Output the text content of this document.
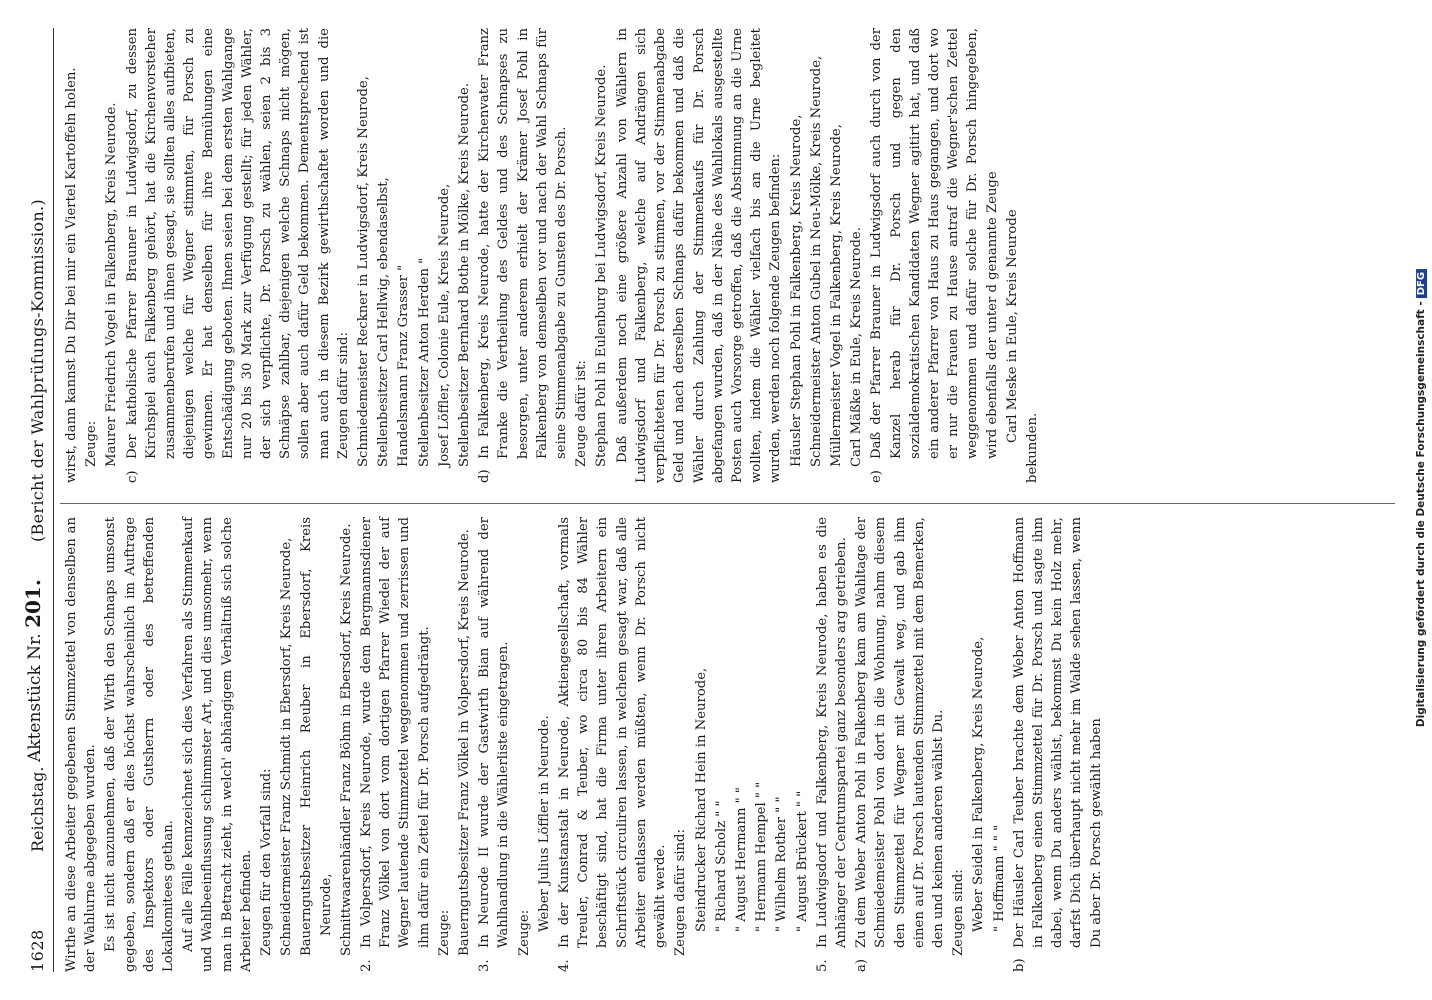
1628
Reichstag.
Aktenstück Nr. 201.
(Bericht der Wahlprüfungs-Kommission.)

Wirthe an diese Arbeiter gegebenen Stimmzettel von denselben an der Wahlurne abgegeben wurden. Es ist nicht anzunehmen, daß der Wirth den Schnaps umsonst gegeben, sondern daß er dies höchst wahrscheinlich im Auftrage des Inspektors oder Gutsherrn oder des betreffenden Lokalkomitees gethan. Auf alle Fälle kennzeichnet sich dies Verfahren als Stimmenkauf und Wahlbeeinflussung schlimmster Art, und dies umsomehr, wenn man in Betracht zieht, in welch' abhängigem Verhältniß sich solche Arbeiter befinden. Zeugen für den Vorfall sind: Schneidermeister Franz Schmidt in Ebersdorf, Kreis Neurode, Bauerngutsbesitzer Heinrich Reuber in Ebersdorf, Kreis Neurode, Schnittwaarenhändler Franz Böhm in Ebersdorf, Kreis Neurode.

2.

In Volpersdorf, Kreis Neurode, wurde dem Bergmannsdiener Franz Völkel von dort vom dortigen Pfarrer Wiedel der auf Wegner lautende Stimmzettel weggenommen und zerrissen und ihm dafür ein Zettel für Dr. Porsch aufgedrängt. Zeuge: Bauerngutsbesitzer Franz Völkel in Volpersdorf, Kreis Neurode.

3.

In Neurode II wurde der Gastwirth Bian auf während der Wahlhandlung in die Wählerliste eingetragen. Zeuge:

Weber Julius Löffler in Neurode.

4.

In der Kunstanstalt in Neurode, Aktiengesellschaft, vormals Treuler, Conrad & Teuber, wo circa 80 bis 84 Wähler beschäftigt sind, hat die Firma unter ihren Arbeitern ein Schriftstück circuliren lassen, in welchem gesagt war, daß alle Arbeiter entlassen werden müßten, wenn Dr. Porsch nicht gewählt werde. Zeugen dafür sind: Steindrucker Richard Hein in Neurode, " Richard Scholz " " " August Hermann " " " Hermann Hempel " " " Wilhelm Rother " " " August Brückert " "

5.

In Ludwigsdorf und Falkenberg, Kreis Neurode, haben es die Anhänger der Centrumspartei ganz besonders arg getrieben.

a)

Zu dem Weber Anton Pohl in Falkenberg kam am Wahltage der Schmiedemeister Pohl von dort in die Wohnung, nahm diesem den Stimmzettel für Wegner mit Gewalt weg, und gab ihm einen auf Dr. Porsch lautenden Stimmzettel mit dem Bemerken, den und keinen anderen wählst Du. Zeugen sind: Weber Seidel in Falkenberg, Kreis Neurode, " Hoffmann " " "

b)

Der Häusler Carl Teuber brachte dem Weber Anton Hoffmann in Falkenberg einen Stimmzettel für Dr. Porsch und sagte ihm dabei, wenn Du anders wählst, bekommst Du kein Holz mehr, darfst Dich überhaupt nicht mehr im Walde sehen lassen, wenn Du aber Dr. Porsch gewählt haben

wirst, dann kannst Du Dir bei mir ein Viertel Kartoffeln holen. Zeuge: Maurer Friedrich Vogel in Falkenberg, Kreis Neurode.

c)

Der katholische Pfarrer Brauner in Ludwigsdorf, zu dessen Kirchspiel auch Falkenberg gehört, hat die Kirchenvorsteher zusammenberufen und ihnen gesagt, sie sollten alles aufbieten, diejenigen welche für Wegner stimmten, für Porsch zu gewinnen. Er hat denselben für ihre Bemühungen eine Entschädigung geboten. Ihnen seien bei dem ersten Wahlgange nur 20 bis 30 Mark zur Verfügung gestellt; für jeden Wähler, der sich verpflichte, Dr. Porsch zu wählen, seien 2 bis 3 Schnäpse zahlbar, diejenigen welche Schnaps nicht mögen, sollen aber auch dafür Geld bekommen. Dementsprechend ist man auch in diesem Bezirk gewirthschaftet worden und die Zeugen dafür sind: Schmiedemeister Reckner in Ludwigsdorf, Kreis Neurode, Stellenbesitzer Carl Hellwig, ebendaselbst, Handelsmann Franz Grasser " Stellenbesitzer Anton Herden " Josef Löffler, Colonie Eule, Kreis Neurode, Stellenbesitzer Bernhard Bothe in Mölke, Kreis Neurode.

d)

In Falkenberg, Kreis Neurode, hatte der Kirchenvater Franz Franke die Vertheilung des Geldes und des Schnapses zu besorgen, unter anderem erhielt der Krämer Josef Pohl in Falkenberg von demselben vor und nach der Wahl Schnaps für seine Stimmenabgabe zu Gunsten des Dr. Porsch. Zeuge dafür ist: Stephan Pohl in Eulenburg bei Ludwigsdorf, Kreis Neurode. Daß außerdem noch eine größere Anzahl von Wählern in Ludwigsdorf und Falkenberg, welche auf Andrängen sich verpflichteten für Dr. Porsch zu stimmen, vor der Stimmenabgabe Geld und nach derselben Schnaps dafür bekommen und daß die Wähler durch Zahlung der Stimmenkaufs für Dr. Porsch abgefangen wurden, daß in der Nähe des Wahllokals ausgestellte Posten auch Vorsorge getroffen, daß die Abstimmung an die Urne wollten, indem die Wähler vielfach bis an die Urne begleitet wurden, werden noch folgende Zeugen befinden: Häusler Stephan Pohl in Falkenberg, Kreis Neurode, Schneidermeister Anton Gubel in Neu-Mölke, Kreis Neurode, Müllermeister Vogel in Falkenberg, Kreis Neurode, Carl Mäßke in Eule, Kreis Neurode.

e)

Daß der Pfarrer Brauner in Ludwigsdorf auch durch von der Kanzel herab für Dr. Porsch und gegen den sozialdemokratischen Kandidaten Wegner agitirt hat, und daß ein anderer Pfarrer von Haus zu Haus gegangen, und dort wo er nur die Frauen zu Hause antraf die Wegner'schen Zettel weggenommen und dafür solche für Dr. Porsch hingegeben, wird ebenfalls der unter d genannte Zeuge Carl Meske in Eule, Kreis Neurode

bekunden.	Digitalisierung gefördert durch die Deutsche Forschungsgemeinschaft -DFG
